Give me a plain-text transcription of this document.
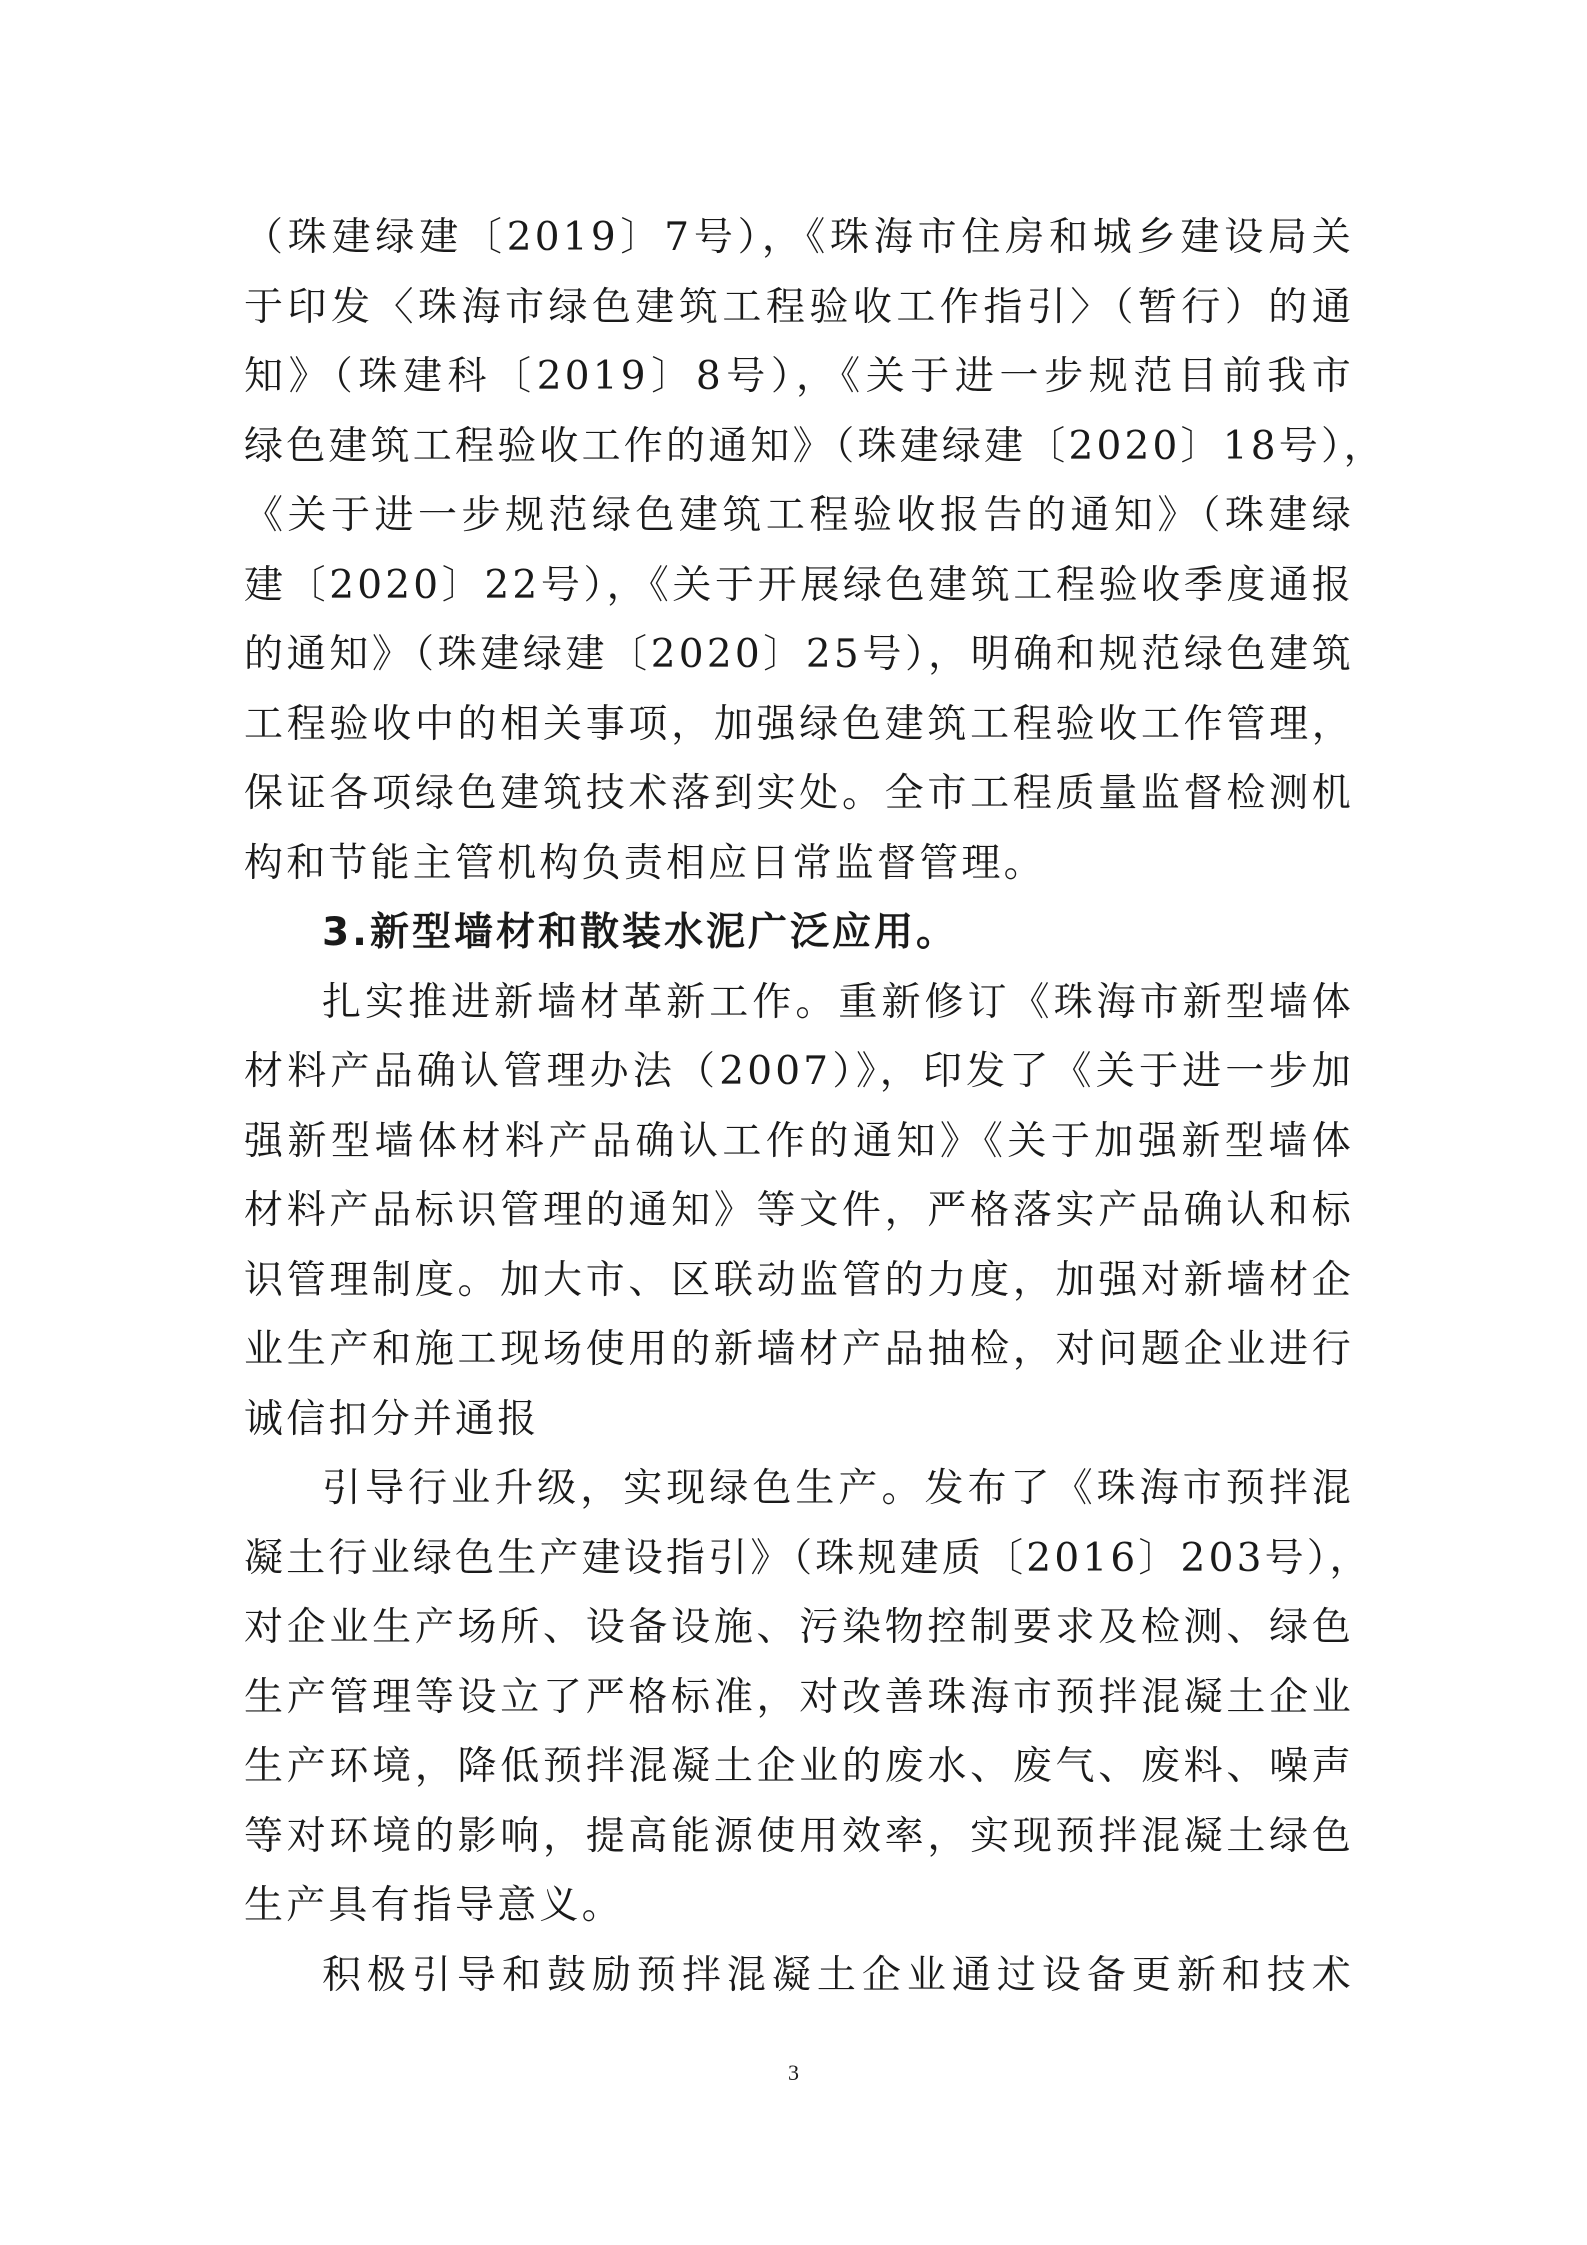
（珠建绿建〔2019〕7号），《珠海市住房和城乡建设局关
于印发〈珠海市绿色建筑工程验收工作指引〉（暂行）的通
知》（珠建科〔2019〕8号），《关于进一步规范目前我市
绿色建筑工程验收工作的通知》（珠建绿建〔2020〕18号），
《关于进一步规范绿色建筑工程验收报告的通知》（珠建绿
建〔2020〕22号），《关于开展绿色建筑工程验收季度通报
的通知》（珠建绿建〔2020〕25号），明确和规范绿色建筑
工程验收中的相关事项，加强绿色建筑工程验收工作管理，
保证各项绿色建筑技术落到实处。全市工程质量监督检测机
构和节能主管机构负责相应日常监督管理。
3.新型墙材和散装水泥广泛应用。
扎实推进新墙材革新工作。重新修订《珠海市新型墙体
材料产品确认管理办法（2007）》，印发了《关于进一步加
强新型墙体材料产品确认工作的通知》《关于加强新型墙体
材料产品标识管理的通知》等文件，严格落实产品确认和标
识管理制度。加大市、区联动监管的力度，加强对新墙材企
业生产和施工现场使用的新墙材产品抽检，对问题企业进行
诚信扣分并通报
引导行业升级，实现绿色生产。发布了《珠海市预拌混
凝土行业绿色生产建设指引》（珠规建质〔2016〕203号），
对企业生产场所、设备设施、污染物控制要求及检测、绿色
生产管理等设立了严格标准，对改善珠海市预拌混凝土企业
生产环境，降低预拌混凝土企业的废水、废气、废料、噪声
等对环境的影响，提高能源使用效率，实现预拌混凝土绿色
生产具有指导意义。
积极引导和鼓励预拌混凝土企业通过设备更新和技术
3
